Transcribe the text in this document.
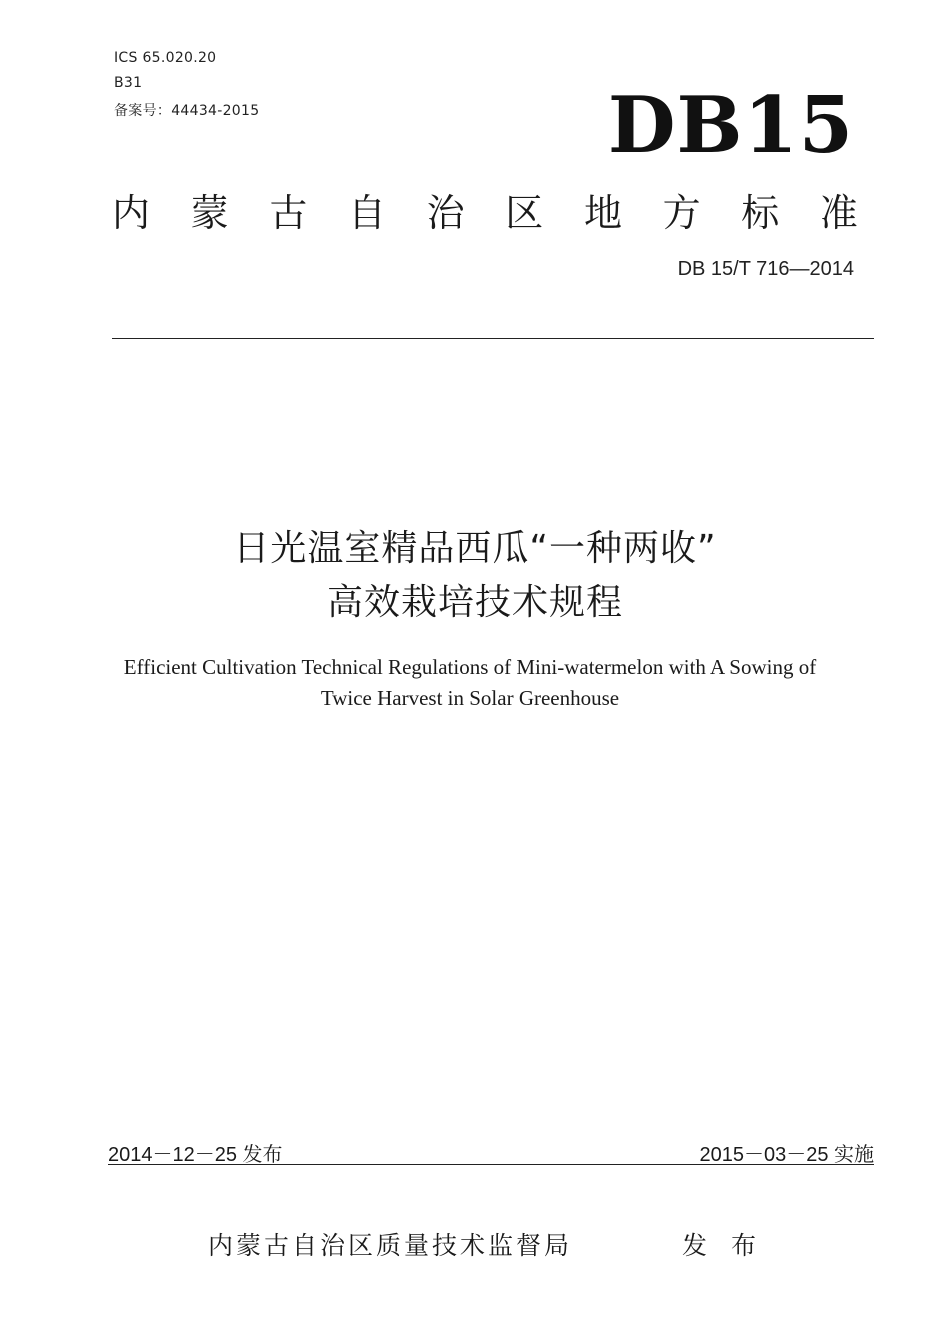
ICS 65.020.20
B31
备案号：44434-2015	DB15
内 蒙 古 自 治 区 地 方 标 准
DB 15/T 716—2014
日光温室精品西瓜“一种两收”
高效栽培技术规程
Efficient Cultivation Technical Regulations of Mini-watermelon with A Sowing of
Twice Harvest in Solar Greenhouse
2014－12－25 发布	2015－03－25 实施
内蒙古自治区质量技术监督局	发 布
